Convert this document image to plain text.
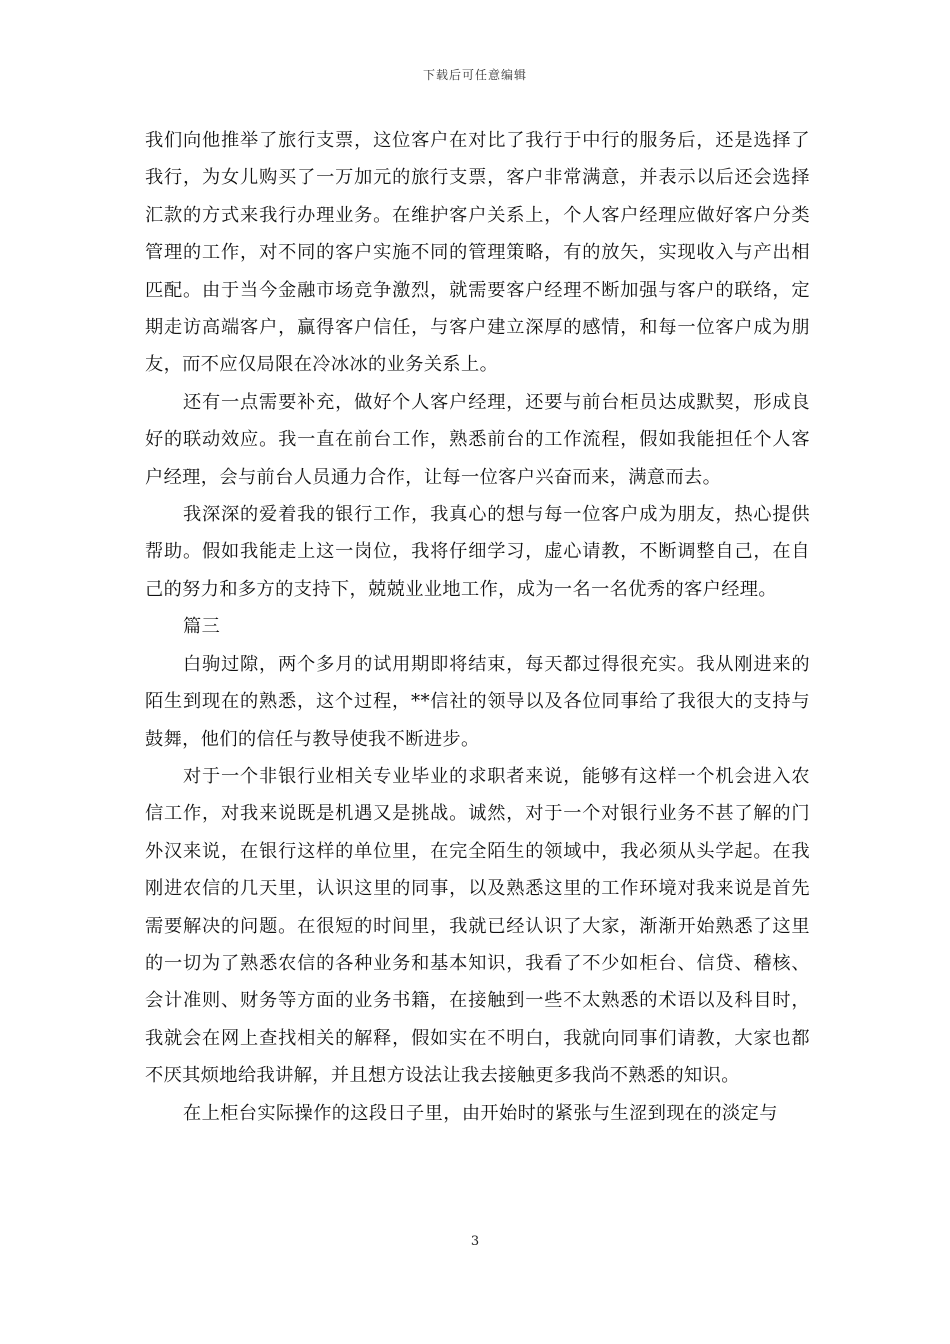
下载后可任意编辑

我们向他推举了旅行支票，这位客户在对比了我行于中行的服务后，还是选择了我行，为女儿购买了一万加元的旅行支票，客户非常满意，并表示以后还会选择汇款的方式来我行办理业务。在维护客户关系上，个人客户经理应做好客户分类管理的工作，对不同的客户实施不同的管理策略，有的放矢，实现收入与产出相匹配。由于当今金融市场竞争激烈，就需要客户经理不断加强与客户的联络，定期走访高端客户，赢得客户信任，与客户建立深厚的感情，和每一位客户成为朋友，而不应仅局限在冷冰冰的业务关系上。

还有一点需要补充，做好个人客户经理，还要与前台柜员达成默契，形成良好的联动效应。我一直在前台工作，熟悉前台的工作流程，假如我能担任个人客户经理，会与前台人员通力合作，让每一位客户兴奋而来，满意而去。

我深深的爱着我的银行工作，我真心的想与每一位客户成为朋友，热心提供帮助。假如我能走上这一岗位，我将仔细学习，虚心请教，不断调整自己，在自己的努力和多方的支持下，兢兢业业地工作，成为一名一名优秀的客户经理。

篇三

白驹过隙，两个多月的试用期即将结束，每天都过得很充实。我从刚进来的陌生到现在的熟悉，这个过程，**信社的领导以及各位同事给了我很大的支持与鼓舞，他们的信任与教导使我不断进步。

对于一个非银行业相关专业毕业的求职者来说，能够有这样一个机会进入农信工作，对我来说既是机遇又是挑战。诚然，对于一个对银行业务不甚了解的门外汉来说，在银行这样的单位里，在完全陌生的领域中，我必须从头学起。在我刚进农信的几天里，认识这里的同事，以及熟悉这里的工作环境对我来说是首先需要解决的问题。在很短的时间里，我就已经认识了大家，渐渐开始熟悉了这里的一切为了熟悉农信的各种业务和基本知识，我看了不少如柜台、信贷、稽核、会计准则、财务等方面的业务书籍，在接触到一些不太熟悉的术语以及科目时，我就会在网上查找相关的解释，假如实在不明白，我就向同事们请教，大家也都不厌其烦地给我讲解，并且想方设法让我去接触更多我尚不熟悉的知识。

在上柜台实际操作的这段日子里，由开始时的紧张与生涩到现在的淡定与

3
